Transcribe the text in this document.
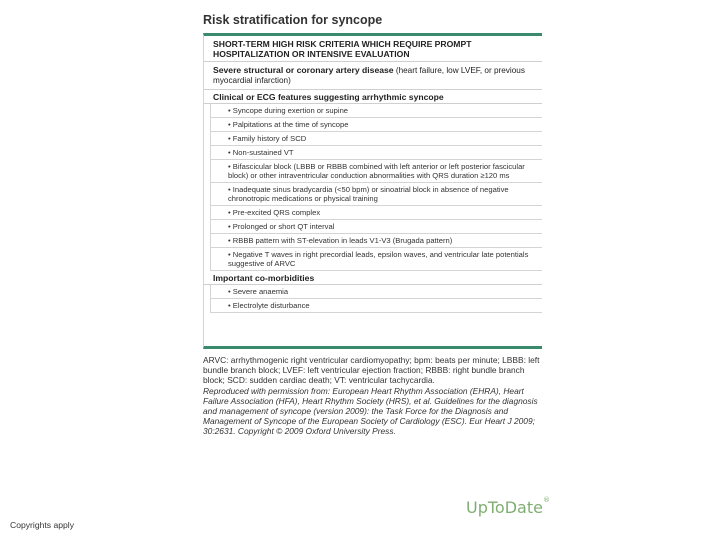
Risk stratification for syncope
SHORT-TERM HIGH RISK CRITERIA WHICH REQUIRE PROMPT HOSPITALIZATION OR INTENSIVE EVALUATION
Severe structural or coronary artery disease (heart failure, low LVEF, or previous myocardial infarction)
Clinical or ECG features suggesting arrhythmic syncope
• Syncope during exertion or supine
• Palpitations at the time of syncope
• Family history of SCD
• Non-sustained VT
• Bifascicular block (LBBB or RBBB combined with left anterior or left posterior fascicular block) or other intraventricular conduction abnormalities with QRS duration ≥120 ms
• Inadequate sinus bradycardia (<50 bpm) or sinoatrial block in absence of negative chronotropic medications or physical training
• Pre-excited QRS complex
• Prolonged or short QT interval
• RBBB pattern with ST-elevation in leads V1-V3 (Brugada pattern)
• Negative T waves in right precordial leads, epsilon waves, and ventricular late potentials suggestive of ARVC
Important co-morbidities
• Severe anaemia
• Electrolyte disturbance
ARVC: arrhythmogenic right ventricular cardiomyopathy; bpm: beats per minute; LBBB: left bundle branch block; LVEF: left ventricular ejection fraction; RBBB: right bundle branch block; SCD: sudden cardiac death; VT: ventricular tachycardia.
Reproduced with permission from: European Heart Rhythm Association (EHRA), Heart Failure Association (HFA), Heart Rhythm Society (HRS), et al. Guidelines for the diagnosis and management of syncope (version 2009): the Task Force for the Diagnosis and Management of Syncope of the European Society of Cardiology (ESC). Eur Heart J 2009; 30:2631. Copyright © 2009 Oxford University Press.
UpToDate®
Copyrights apply
